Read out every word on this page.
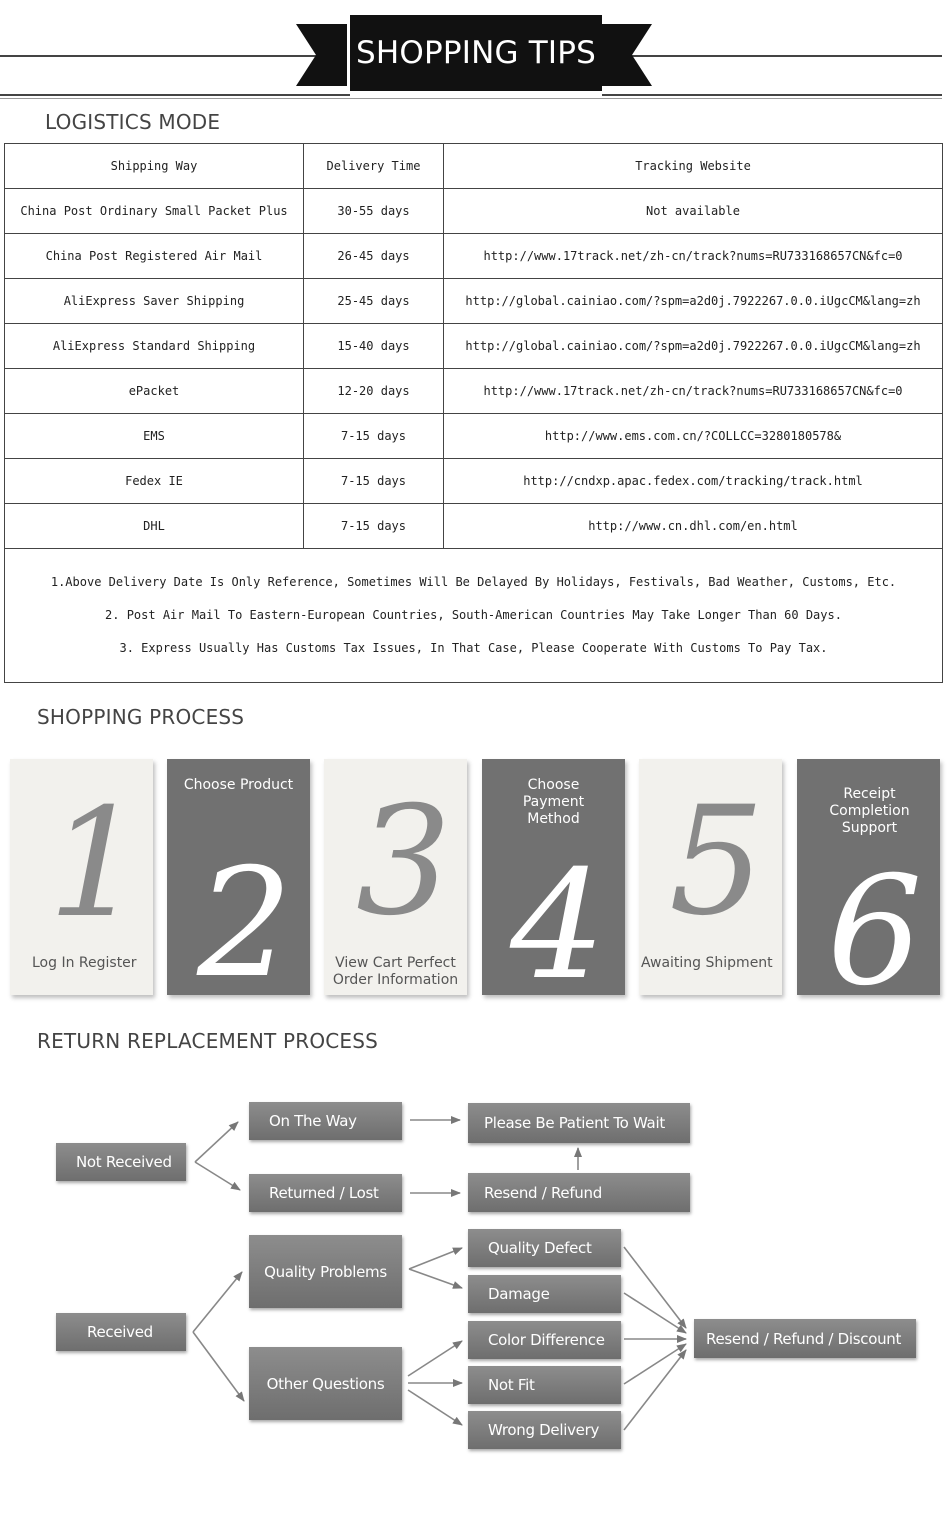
SHOPPING TIPS
LOGISTICS MODE
Shipping Way	Delivery Time	Tracking Website
China Post Ordinary Small Packet Plus	30-55 days	Not available
China Post Registered Air Mail	26-45 days	http://www.17track.net/zh-cn/track?nums=RU733168657CN&fc=0
AliExpress Saver Shipping	25-45 days	http://global.cainiao.com/?spm=a2d0j.7922267.0.0.iUgcCM&lang=zh
AliExpress Standard Shipping	15-40 days	http://global.cainiao.com/?spm=a2d0j.7922267.0.0.iUgcCM&lang=zh
ePacket	12-20 days	http://www.17track.net/zh-cn/track?nums=RU733168657CN&fc=0
EMS	7-15 days	http://www.ems.com.cn/?COLLCC=3280180578&
Fedex IE	7-15 days	http://cndxp.apac.fedex.com/tracking/track.html
DHL	7-15 days	http://www.cn.dhl.com/en.html

1.Above Delivery Date Is Only Reference, Sometimes Will Be Delayed By Holidays, Festivals, Bad Weather, Customs, Etc.
2. Post Air Mail To Eastern-European Countries, South-American Countries May Take Longer Than 60 Days.
3. Express Usually Has Customs Tax Issues, In That Case, Please Cooperate With Customs To Pay Tax.		
SHOPPING PROCESS
1
Log In Register
Choose Product
2 3
View Cart Perfect Order Information
Choose Payment Method
4 5
Awaiting Shipment
Receipt Completion Support
6
RETURN REPLACEMENT PROCESS
Not Received
On The Way
Returned / Lost
Please Be Patient To Wait
Resend / Refund
Received
Quality Problems
Other Questions
Quality Defect
Damage
Color Difference
Not Fit
Wrong Delivery
Resend / Refund / Discount
